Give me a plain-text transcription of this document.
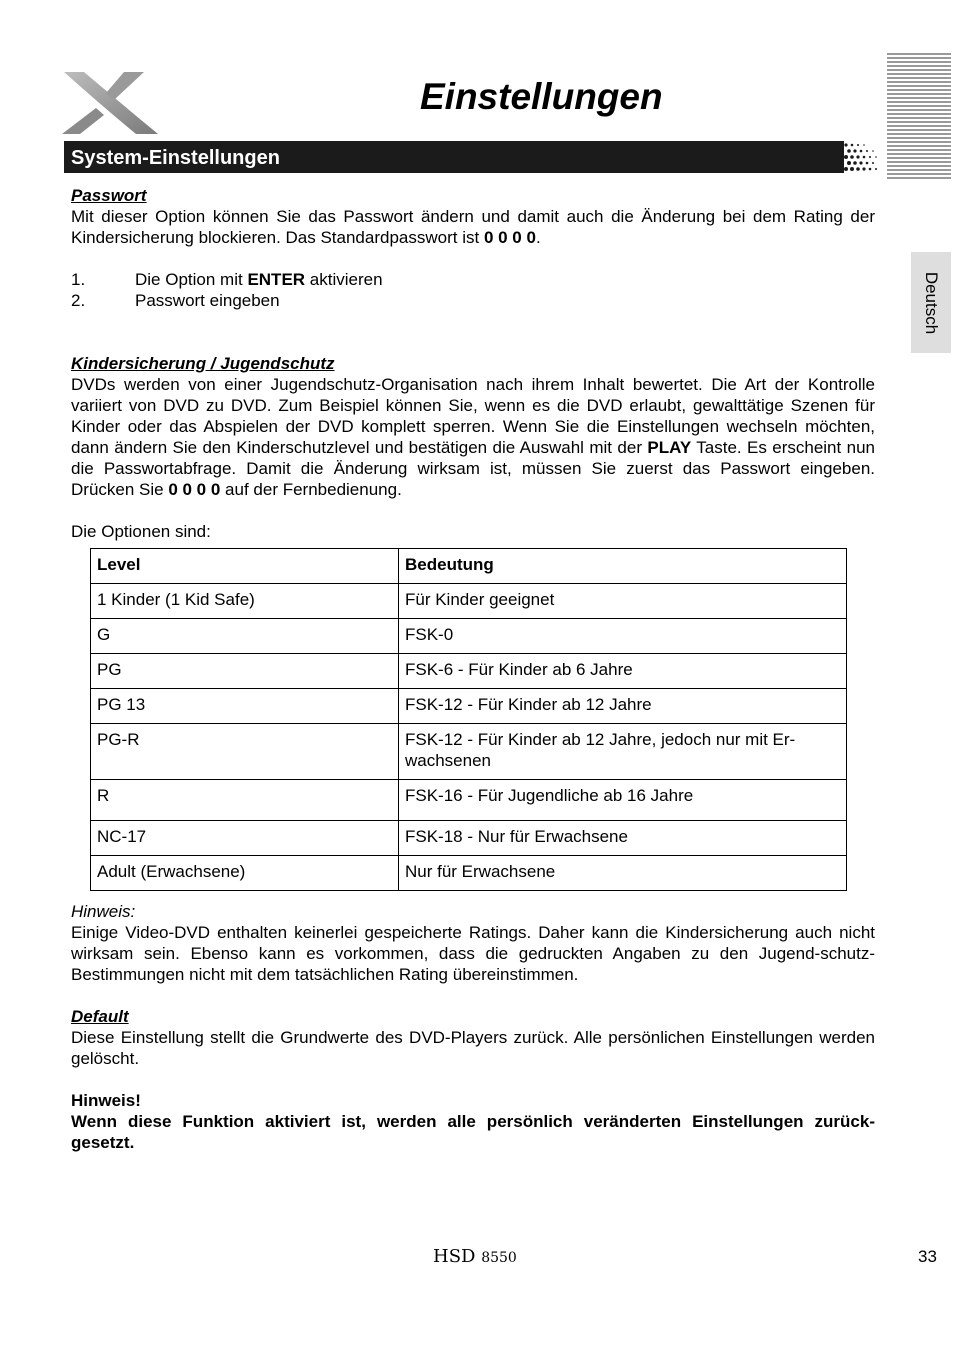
Einstellungen
System-Einstellungen
Deutsch
Passwort

Mit dieser Option können Sie das Passwort ändern und damit auch die Änderung bei dem Rating der Kindersicherung blockieren. Das Standardpasswort ist 0 0 0 0.

1.	Die Option mit ENTER aktivieren
2.	Passwort eingeben
Kindersicherung / Jugendschutz

DVDs werden von einer Jugendschutz-Organisation nach ihrem Inhalt bewertet. Die Art der Kontrolle variiert von DVD zu DVD. Zum Beispiel können Sie, wenn es die DVD erlaubt, gewalttätige Szenen für Kinder oder das Abspielen der DVD komplett sperren. Wenn Sie die Einstellungen wechseln möchten, dann ändern Sie den Kinderschutzlevel und bestätigen die Auswahl mit der PLAY Taste. Es erscheint nun die Passwortabfrage. Damit die Änderung wirksam ist, müssen Sie zuerst das Passwort eingeben. Drücken Sie 0 0 0 0 auf der Fernbedienung.

Die Optionen sind:

Level	Bedeutung
1 Kinder (1 Kid Safe)	Für Kinder geeignet
G	FSK-0
PG	FSK-6 - Für Kinder ab 6 Jahre
PG 13	FSK-12 - Für Kinder ab 12 Jahre
PG-R	FSK-12 - Für Kinder ab 12 Jahre, jedoch nur mit Er-wachsenen
R	FSK-16 - Für Jugendliche ab 16 Jahre
NC-17	FSK-18 - Nur für Erwachsene
Adult (Erwachsene)	Nur für Erwachsene
Hinweis:

Einige Video-DVD enthalten keinerlei gespeicherte Ratings. Daher kann die Kindersicherung auch nicht wirksam sein. Ebenso kann es vorkommen, dass die gedruckten Angaben zu den Jugend-schutz-Bestimmungen nicht mit dem tatsächlichen Rating übereinstimmen.

Default

Diese Einstellung stellt die Grundwerte des DVD-Players zurück. Alle persönlichen Einstellungen werden gelöscht.

Hinweis!

Wenn diese Funktion aktiviert ist, werden alle persönlich veränderten Einstellungen zurück-gesetzt.

HSD 8550	33
